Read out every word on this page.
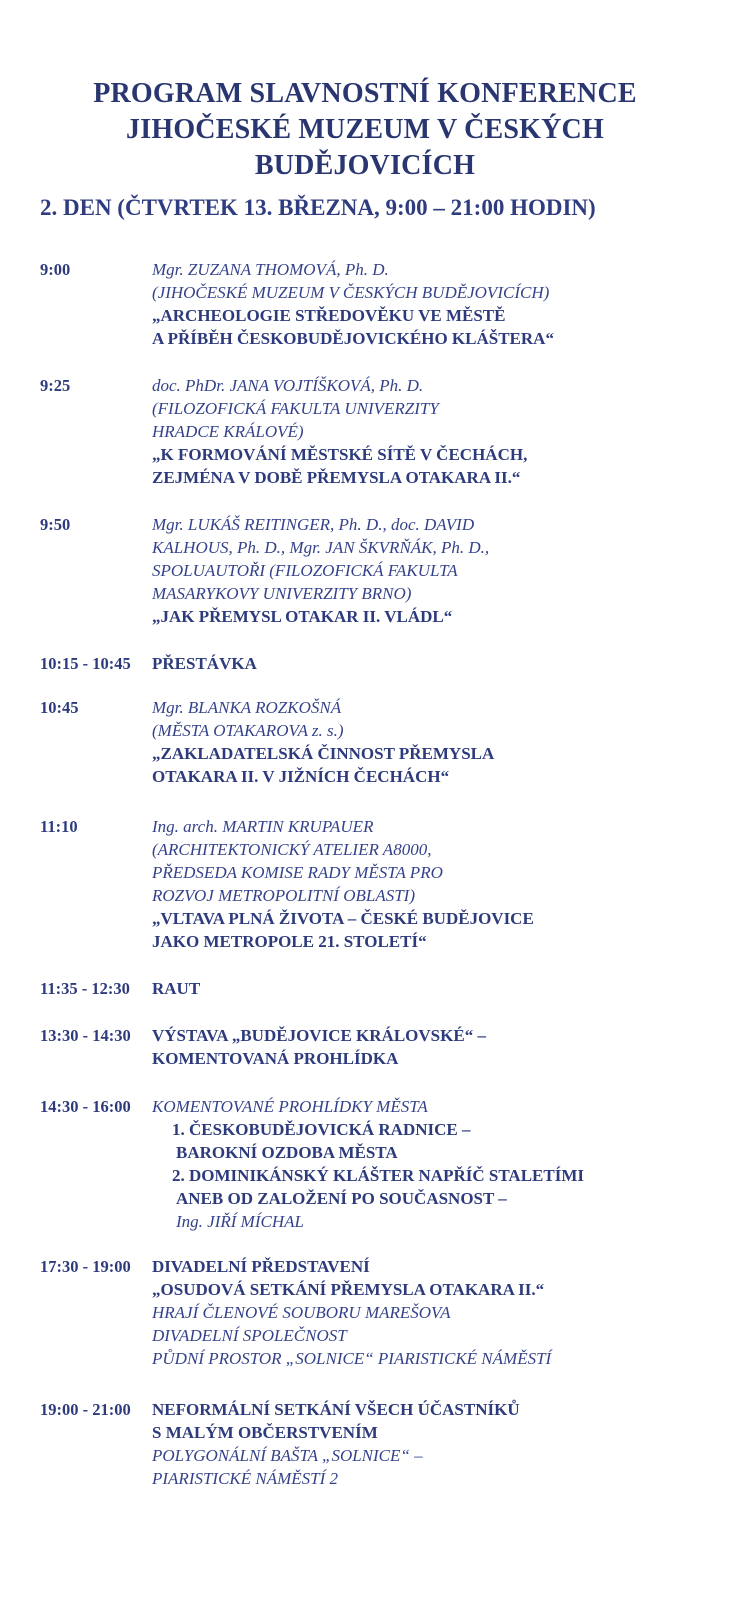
PROGRAM SLAVNOSTNÍ KONFERENCE
JIHOČESKÉ MUZEUM V ČESKÝCH
BUDĚJOVICÍCH
2. DEN (ČTVRTEK 13. BŘEZNA, 9:00 – 21:00 HODIN)
9:00	Mgr. ZUZANA THOMOVÁ, Ph. D.
(JIHOČESKÉ MUZEUM V ČESKÝCH BUDĚJOVICÍCH)
„ARCHEOLOGIE STŘEDOVĚKU VE MĚSTĚ
A PŘÍBĚH ČESKOBUDĚJOVICKÉHO KLÁŠTERA“
9:25	doc. PhDr. JANA VOJTÍŠKOVÁ, Ph. D.
(FILOZOFICKÁ FAKULTA UNIVERZITY
HRADCE KRÁLOVÉ)
„K FORMOVÁNÍ MĚSTSKÉ SÍTĚ V ČECHÁCH,
ZEJMÉNA V DOBĚ PŘEMYSLA OTAKARA II.“
9:50	Mgr. LUKÁŠ REITINGER, Ph. D., doc. DAVID
KALHOUS, Ph. D., Mgr. JAN ŠKVRŇÁK, Ph. D.,
SPOLUAUTOŘI (FILOZOFICKÁ FAKULTA
MASARYKOVY UNIVERZITY BRNO)
„JAK PŘEMYSL OTAKAR II. VLÁDL“
10:15 - 10:45	PŘESTÁVKA
10:45	Mgr. BLANKA ROZKOŠNÁ
(MĚSTA OTAKAROVA z. s.)
„ZAKLADATELSKÁ ČINNOST PŘEMYSLA
OTAKARA II. V JIŽNÍCH ČECHÁCH“
11:10	Ing. arch. MARTIN KRUPAUER
(ARCHITEKTONICKÝ ATELIER A8000,
PŘEDSEDA KOMISE RADY MĚSTA PRO
ROZVOJ METROPOLITNÍ OBLASTI)
„VLTAVA PLNÁ ŽIVOTA – ČESKÉ BUDĚJOVICE
JAKO METROPOLE 21. STOLETÍ“
11:35 - 12:30	RAUT
13:30 - 14:30	VÝSTAVA „BUDĚJOVICE KRÁLOVSKÉ“ –
KOMENTOVANÁ PROHLÍDKA
14:30 - 16:00	KOMENTOVANÉ PROHLÍDKY MĚSTA
1. ČESKOBUDĚJOVICKÁ RADNICE –
BAROKNÍ OZDOBA MĚSTA
2. DOMINIKÁNSKÝ KLÁŠTER NAPŘÍČ STALETÍMI
ANEB OD ZALOŽENÍ PO SOUČASNOST –
Ing. JIŘÍ MÍCHAL
17:30 - 19:00	DIVADELNÍ PŘEDSTAVENÍ
„OSUDOVÁ SETKÁNÍ PŘEMYSLA OTAKARA II.“
HRAJÍ ČLENOVÉ SOUBORU MAREŠOVA
DIVADELNÍ SPOLEČNOST
PŮDNÍ PROSTOR „SOLNICE“ PIARISTICKÉ NÁMĚSTÍ
19:00 - 21:00	NEFORMÁLNÍ SETKÁNÍ VŠECH ÚČASTNÍKŮ
S MALÝM OBČERSTVENÍM
POLYGONÁLNÍ BAŠTA „SOLNICE“ –
PIARISTICKÉ NÁMĚSTÍ 2
